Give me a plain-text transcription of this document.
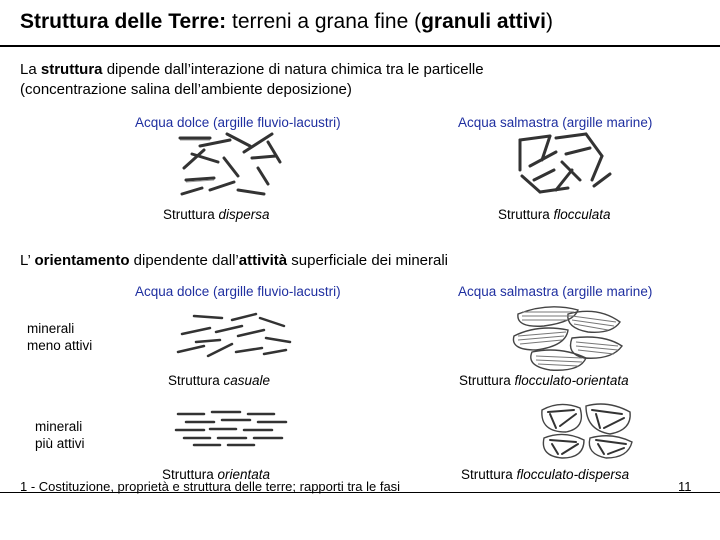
Struttura delle Terre: terreni a grana fine (granuli attivi)
La struttura dipende dall’interazione di natura chimica tra le particelle
(concentrazione salina dell’ambiente deposizione)
Acqua dolce (argille fluvio-lacustri)	Acqua salmastra (argille marine)
Struttura dispersa	Struttura flocculata
L’ orientamento dipendente dall’attività superficiale dei minerali
Acqua dolce (argille fluvio-lacustri)	Acqua salmastra (argille marine)
minerali
meno attivi
Struttura casuale	Struttura flocculato-orientata
minerali
più attivi
Struttura orientata	Struttura flocculato-dispersa
1 - Costituzione, proprietà e struttura delle terre; rapporti tra le fasi	11
